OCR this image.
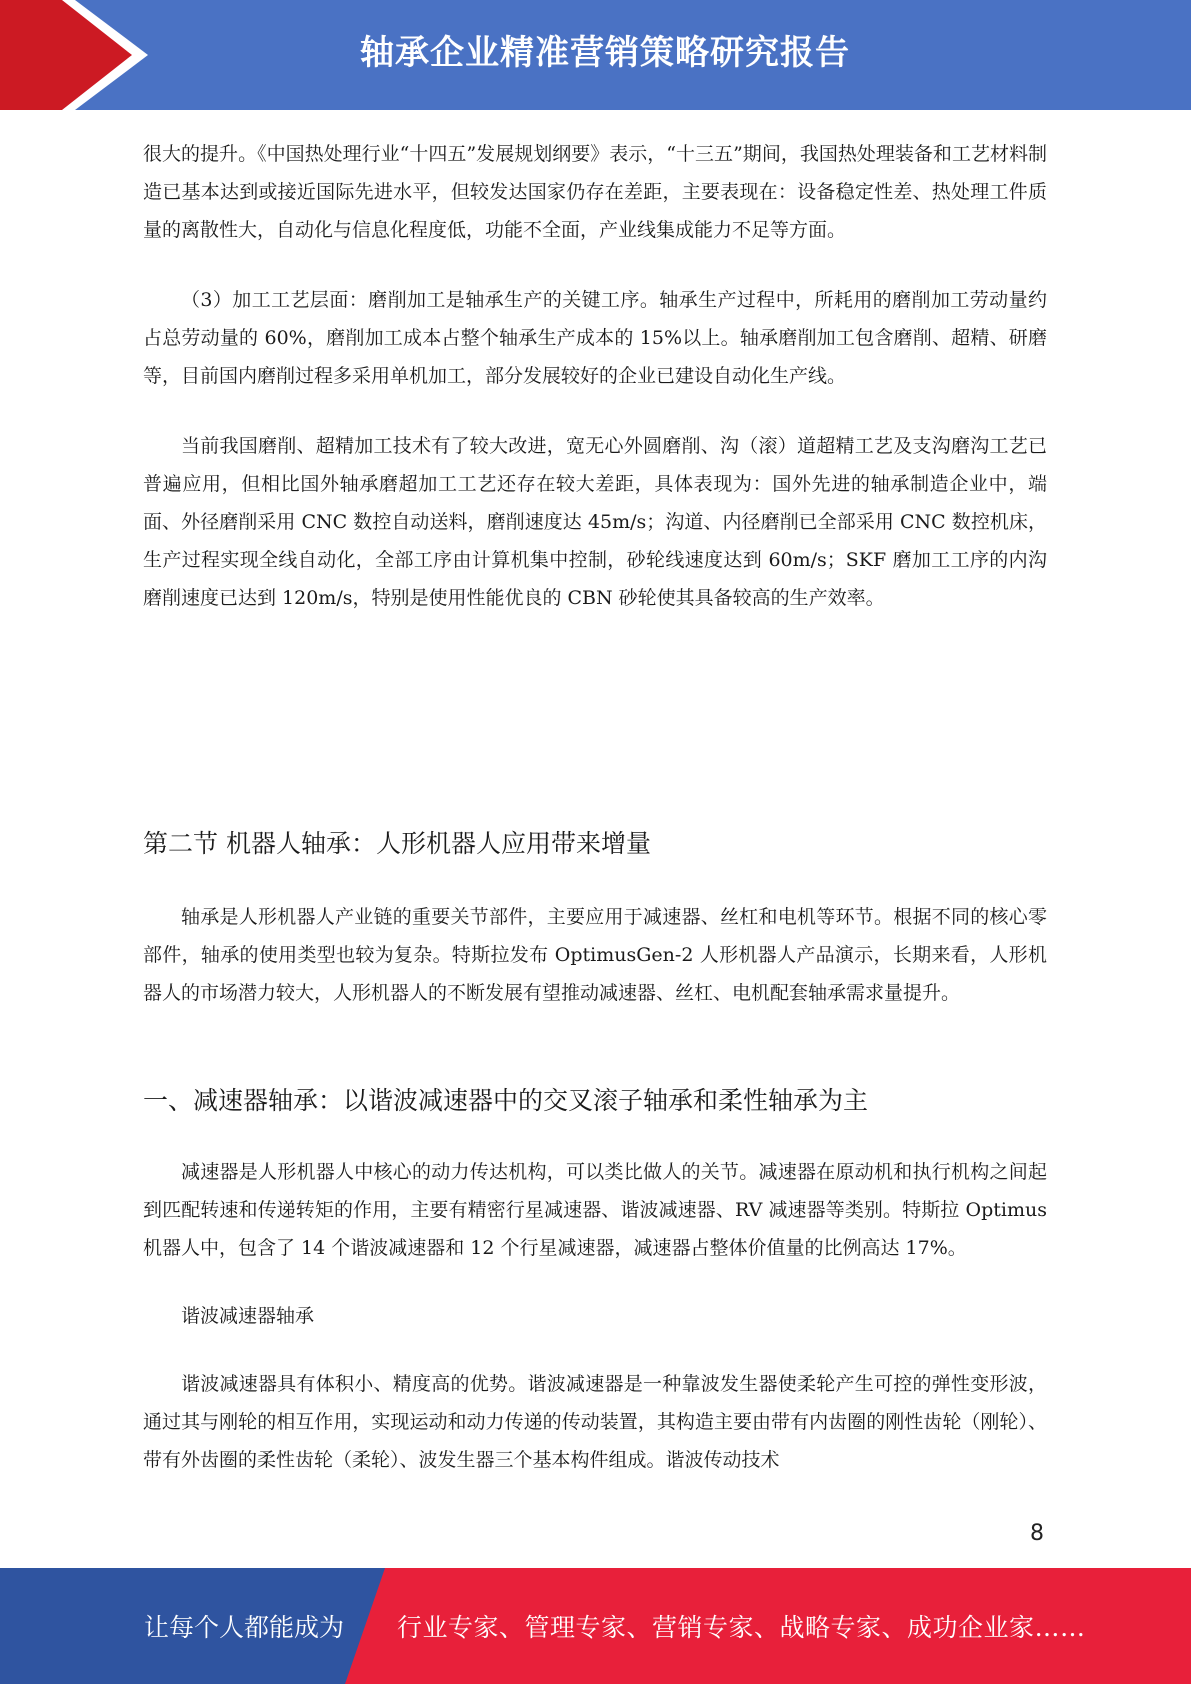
轴承企业精准营销策略研究报告

很大的提升。《中国热处理行业“十四五”发展规划纲要》表示，“十三五”期间，我国热处理装备和工艺材料制造已基本达到或接近国际先进水平，但较发达国家仍存在差距，主要表现在：设备稳定性差、热处理工件质量的离散性大，自动化与信息化程度低，功能不全面，产业线集成能力不足等方面。

（3）加工工艺层面：磨削加工是轴承生产的关键工序。轴承生产过程中，所耗用的磨削加工劳动量约占总劳动量的 60%，磨削加工成本占整个轴承生产成本的 15%以上。轴承磨削加工包含磨削、超精、研磨等，目前国内磨削过程多采用单机加工，部分发展较好的企业已建设自动化生产线。

当前我国磨削、超精加工技术有了较大改进，宽无心外圆磨削、沟（滚）道超精工艺及支沟磨沟工艺已普遍应用，但相比国外轴承磨超加工工艺还存在较大差距，具体表现为：国外先进的轴承制造企业中，端面、外径磨削采用 CNC 数控自动送料，磨削速度达 45m/s；沟道、内径磨削已全部采用 CNC 数控机床，生产过程实现全线自动化，全部工序由计算机集中控制，砂轮线速度达到 60m/s；SKF 磨加工工序的内沟磨削速度已达到 120m/s，特别是使用性能优良的 CBN 砂轮使其具备较高的生产效率。

第二节 机器人轴承：人形机器人应用带来增量

轴承是人形机器人产业链的重要关节部件，主要应用于减速器、丝杠和电机等环节。根据不同的核心零部件，轴承的使用类型也较为复杂。特斯拉发布 OptimusGen-2 人形机器人产品演示，长期来看，人形机器人的市场潜力较大，人形机器人的不断发展有望推动减速器、丝杠、电机配套轴承需求量提升。

一、减速器轴承：以谐波减速器中的交叉滚子轴承和柔性轴承为主

减速器是人形机器人中核心的动力传达机构，可以类比做人的关节。减速器在原动机和执行机构之间起到匹配转速和传递转矩的作用，主要有精密行星减速器、谐波减速器、RV 减速器等类别。特斯拉 Optimus 机器人中，包含了 14 个谐波减速器和 12 个行星减速器，减速器占整体价值量的比例高达 17%。

谐波减速器轴承

谐波减速器具有体积小、精度高的优势。谐波减速器是一种靠波发生器使柔轮产生可控的弹性变形波，通过其与刚轮的相互作用，实现运动和动力传递的传动装置，其构造主要由带有内齿圈的刚性齿轮（刚轮）、带有外齿圈的柔性齿轮（柔轮）、波发生器三个基本构件组成。谐波传动技术

8
让每个人都能成为 行业专家、管理专家、营销专家、战略专家、成功企业家……
